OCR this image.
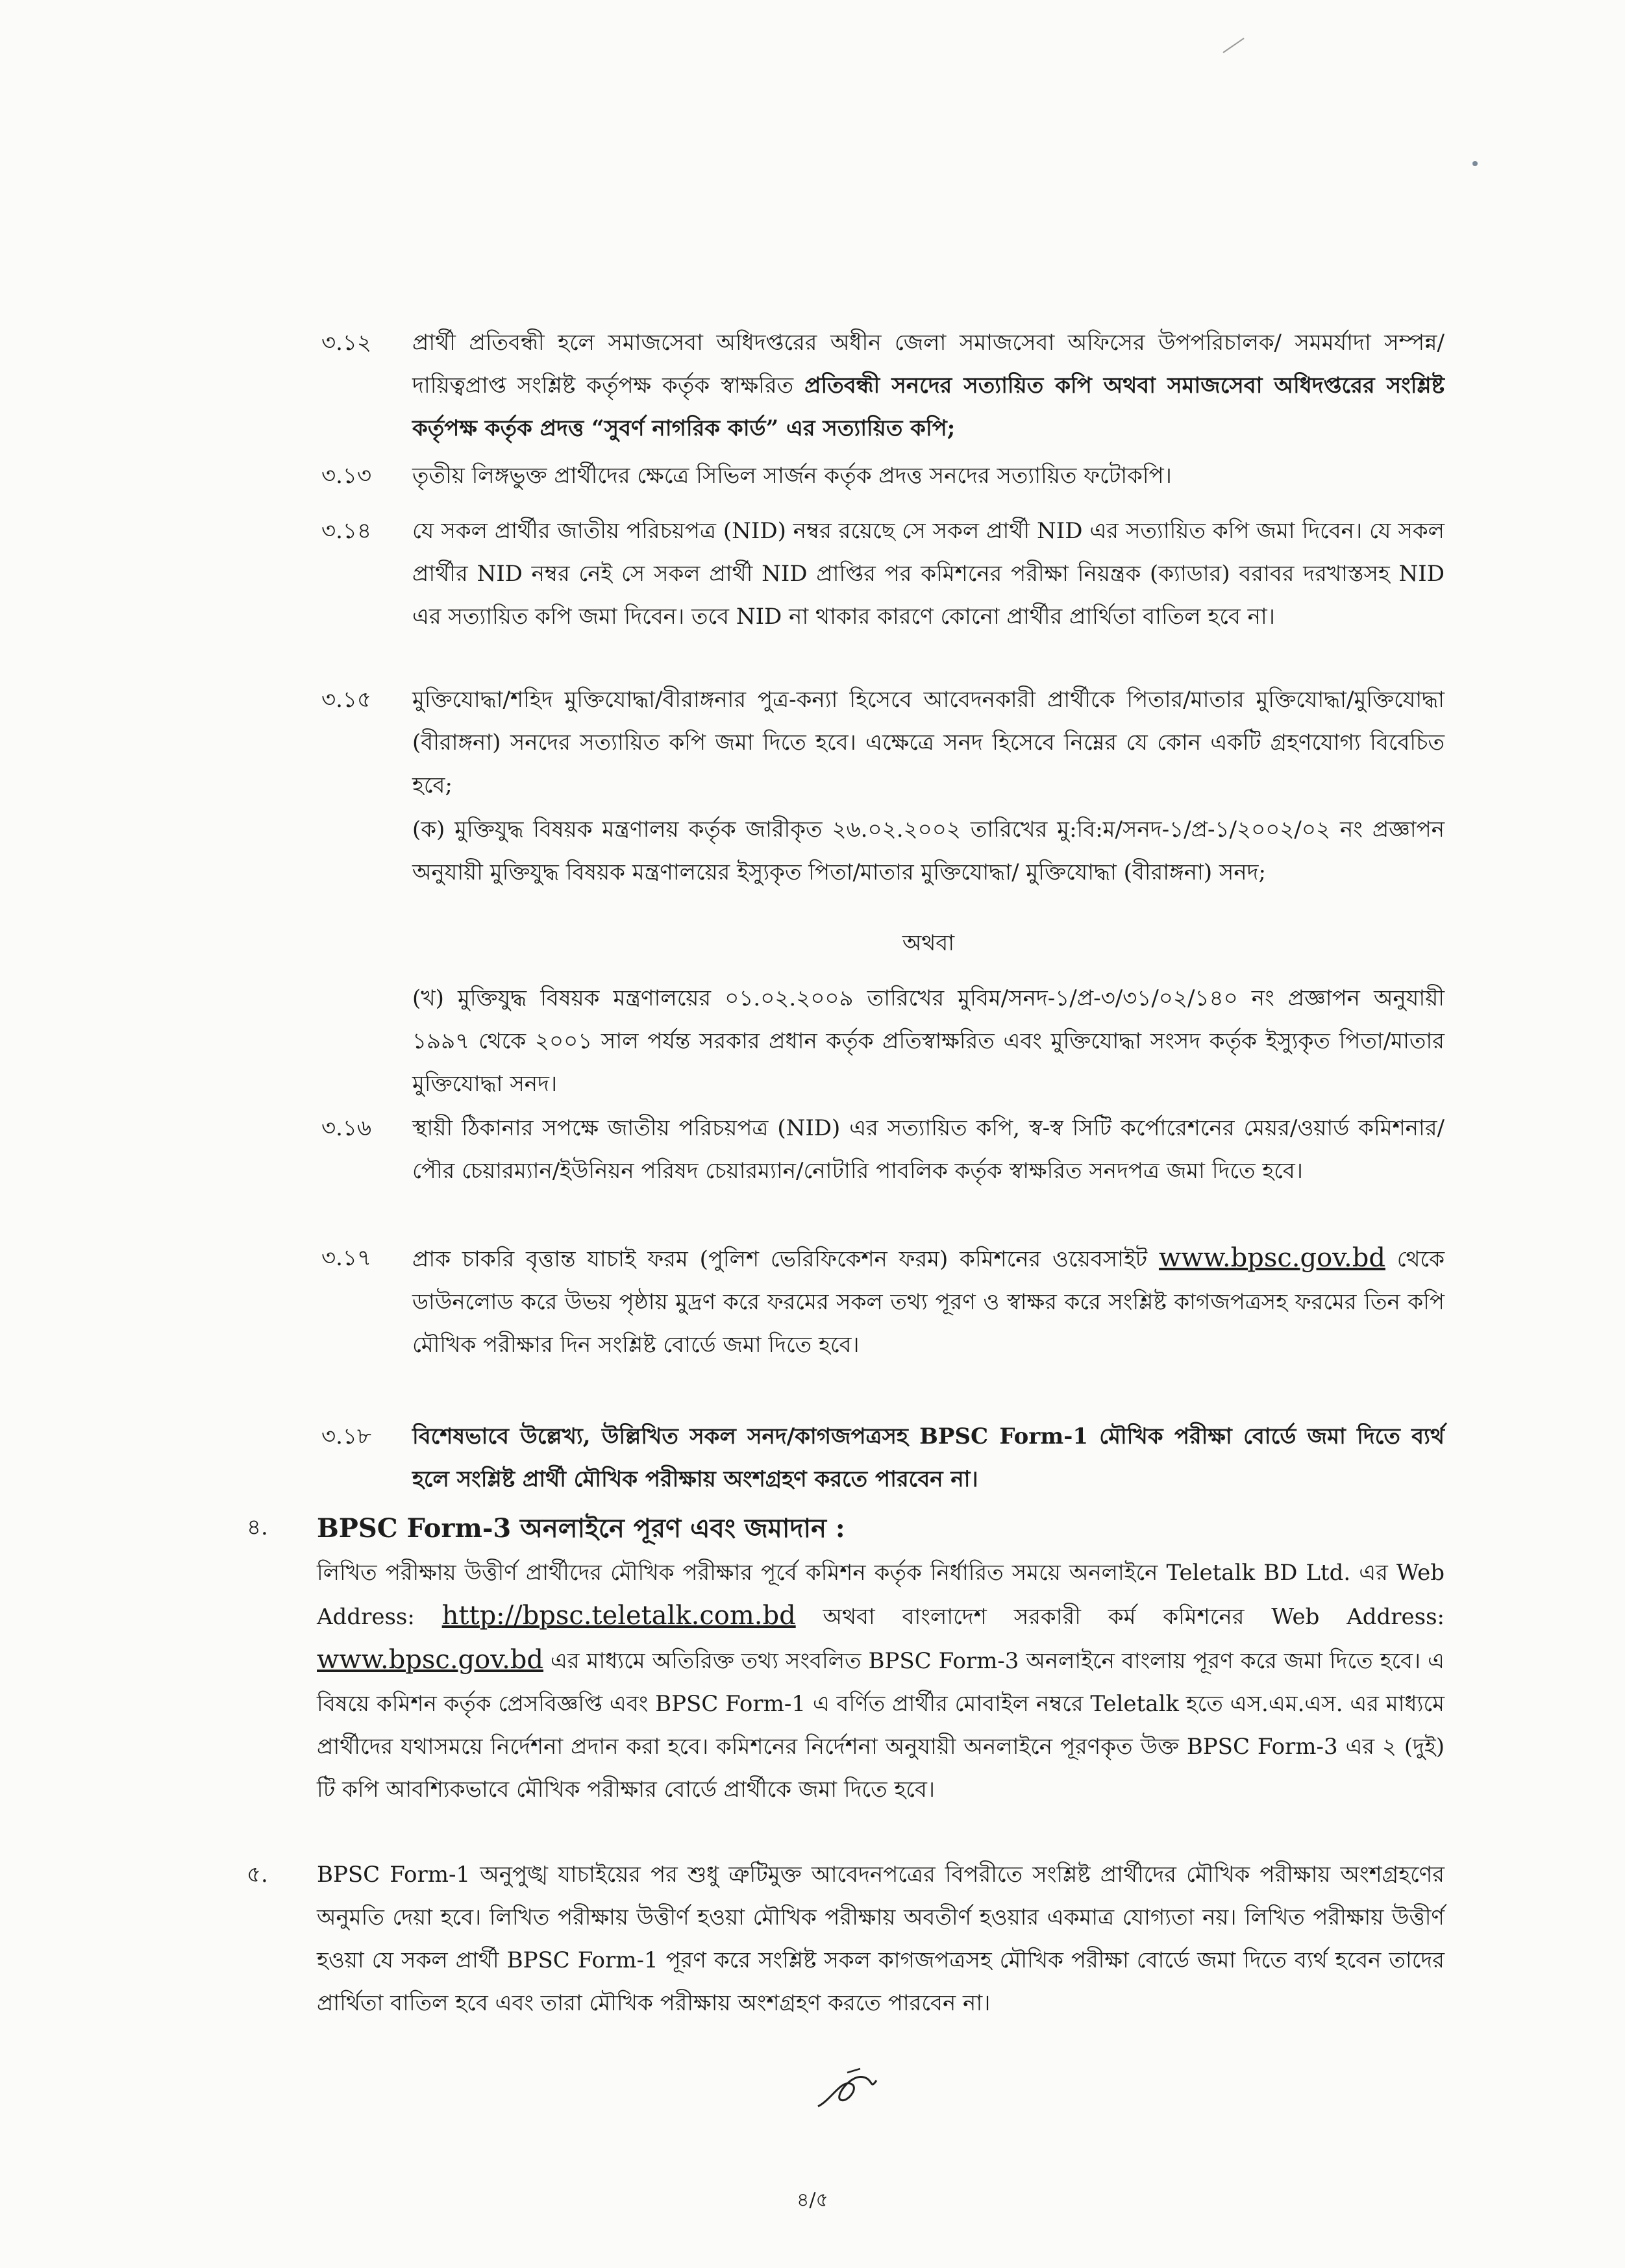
৩.১২ প্রার্থী প্রতিবন্ধী হলে সমাজসেবা অধিদপ্তরের অধীন জেলা সমাজসেবা অফিসের উপপরিচালক/ সমমর্যাদা সম্পন্ন/দায়িত্বপ্রাপ্ত সংশ্লিষ্ট কর্তৃপক্ষ কর্তৃক স্বাক্ষরিত প্রতিবন্ধী সনদের সত্যায়িত কপি অথবা সমাজসেবা অধিদপ্তরের সংশ্লিষ্ট কর্তৃপক্ষ কর্তৃক প্রদত্ত “সুবর্ণ নাগরিক কার্ড” এর সত্যায়িত কপি;
৩.১৩ তৃতীয় লিঙ্গভুক্ত প্রার্থীদের ক্ষেত্রে সিভিল সার্জন কর্তৃক প্রদত্ত সনদের সত্যায়িত ফটোকপি।
৩.১৪ যে সকল প্রার্থীর জাতীয় পরিচয়পত্র (NID) নম্বর রয়েছে সে সকল প্রার্থী NID এর সত্যায়িত কপি জমা দিবেন। যে সকল প্রার্থীর NID নম্বর নেই সে সকল প্রার্থী NID প্রাপ্তির পর কমিশনের পরীক্ষা নিয়ন্ত্রক (ক্যাডার) বরাবর দরখাস্তসহ NID এর সত্যায়িত কপি জমা দিবেন। তবে NID না থাকার কারণে কোনো প্রার্থীর প্রার্থিতা বাতিল হবে না।
৩.১৫ মুক্তিযোদ্ধা/শহিদ মুক্তিযোদ্ধা/বীরাঙ্গনার পুত্র-কন্যা হিসেবে আবেদনকারী প্রার্থীকে পিতার/মাতার মুক্তিযোদ্ধা/মুক্তিযোদ্ধা (বীরাঙ্গনা) সনদের সত্যায়িত কপি জমা দিতে হবে। এক্ষেত্রে সনদ হিসেবে নিম্নের যে কোন একটি গ্রহণযোগ্য বিবেচিত হবে;
(ক) মুক্তিযুদ্ধ বিষয়ক মন্ত্রণালয় কর্তৃক জারীকৃত ২৬.০২.২০০২ তারিখের মু:বি:ম/সনদ-১/প্র-১/২০০২/০২ নং প্রজ্ঞাপন অনুযায়ী মুক্তিযুদ্ধ বিষয়ক মন্ত্রণালয়ের ইস্যুকৃত পিতা/মাতার মুক্তিযোদ্ধা/ মুক্তিযোদ্ধা (বীরাঙ্গনা) সনদ;
অথবা
(খ) মুক্তিযুদ্ধ বিষয়ক মন্ত্রণালয়ের ০১.০২.২০০৯ তারিখের মুবিম/সনদ-১/প্র-৩/৩১/০২/১৪০ নং প্রজ্ঞাপন অনুযায়ী ১৯৯৭ থেকে ২০০১ সাল পর্যন্ত সরকার প্রধান কর্তৃক প্রতিস্বাক্ষরিত এবং মুক্তিযোদ্ধা সংসদ কর্তৃক ইস্যুকৃত পিতা/মাতার মুক্তিযোদ্ধা সনদ।
৩.১৬ স্থায়ী ঠিকানার সপক্ষে জাতীয় পরিচয়পত্র (NID) এর সত্যায়িত কপি, স্ব-স্ব সিটি কর্পোরেশনের মেয়র/ওয়ার্ড কমিশনার/পৌর চেয়ারম্যান/ইউনিয়ন পরিষদ চেয়ারম্যান/নোটারি পাবলিক কর্তৃক স্বাক্ষরিত সনদপত্র জমা দিতে হবে।
৩.১৭ প্রাক চাকরি বৃত্তান্ত যাচাই ফরম (পুলিশ ভেরিফিকেশন ফরম) কমিশনের ওয়েবসাইট www.bpsc.gov.bd থেকে ডাউনলোড করে উভয় পৃষ্ঠায় মুদ্রণ করে ফরমের সকল তথ্য পূরণ ও স্বাক্ষর করে সংশ্লিষ্ট কাগজপত্রসহ ফরমের তিন কপি মৌখিক পরীক্ষার দিন সংশ্লিষ্ট বোর্ডে জমা দিতে হবে।
৩.১৮ বিশেষভাবে উল্লেখ্য, উল্লিখিত সকল সনদ/কাগজপত্রসহ BPSC Form-1 মৌখিক পরীক্ষা বোর্ডে জমা দিতে ব্যর্থ হলে সংশ্লিষ্ট প্রার্থী মৌখিক পরীক্ষায় অংশগ্রহণ করতে পারবেন না।
৪. BPSC Form-3 অনলাইনে পূরণ এবং জমাদান :
লিখিত পরীক্ষায় উত্তীর্ণ প্রার্থীদের মৌখিক পরীক্ষার পূর্বে কমিশন কর্তৃক নির্ধারিত সময়ে অনলাইনে Teletalk BD Ltd. এর Web Address: http://bpsc.teletalk.com.bd অথবা বাংলাদেশ সরকারী কর্ম কমিশনের Web Address: www.bpsc.gov.bd এর মাধ্যমে অতিরিক্ত তথ্য সংবলিত BPSC Form-3 অনলাইনে বাংলায় পূরণ করে জমা দিতে হবে। এ বিষয়ে কমিশন কর্তৃক প্রেসবিজ্ঞপ্তি এবং BPSC Form-1 এ বর্ণিত প্রার্থীর মোবাইল নম্বরে Teletalk হতে এস.এম.এস. এর মাধ্যমে প্রার্থীদের যথাসময়ে নির্দেশনা প্রদান করা হবে। কমিশনের নির্দেশনা অনুযায়ী অনলাইনে পূরণকৃত উক্ত BPSC Form-3 এর ২ (দুই) টি কপি আবশ্যিকভাবে মৌখিক পরীক্ষার বোর্ডে প্রার্থীকে জমা দিতে হবে।
৫. BPSC Form-1 অনুপুঙ্খ যাচাইয়ের পর শুধু ত্রুটিমুক্ত আবেদনপত্রের বিপরীতে সংশ্লিষ্ট প্রার্থীদের মৌখিক পরীক্ষায় অংশগ্রহণের অনুমতি দেয়া হবে। লিখিত পরীক্ষায় উত্তীর্ণ হওয়া মৌখিক পরীক্ষায় অবতীর্ণ হওয়ার একমাত্র যোগ্যতা নয়। লিখিত পরীক্ষায় উত্তীর্ণ হওয়া যে সকল প্রার্থী BPSC Form-1 পূরণ করে সংশ্লিষ্ট সকল কাগজপত্রসহ মৌখিক পরীক্ষা বোর্ডে জমা দিতে ব্যর্থ হবেন তাদের প্রার্থিতা বাতিল হবে এবং তারা মৌখিক পরীক্ষায় অংশগ্রহণ করতে পারবেন না।
৪/৫
